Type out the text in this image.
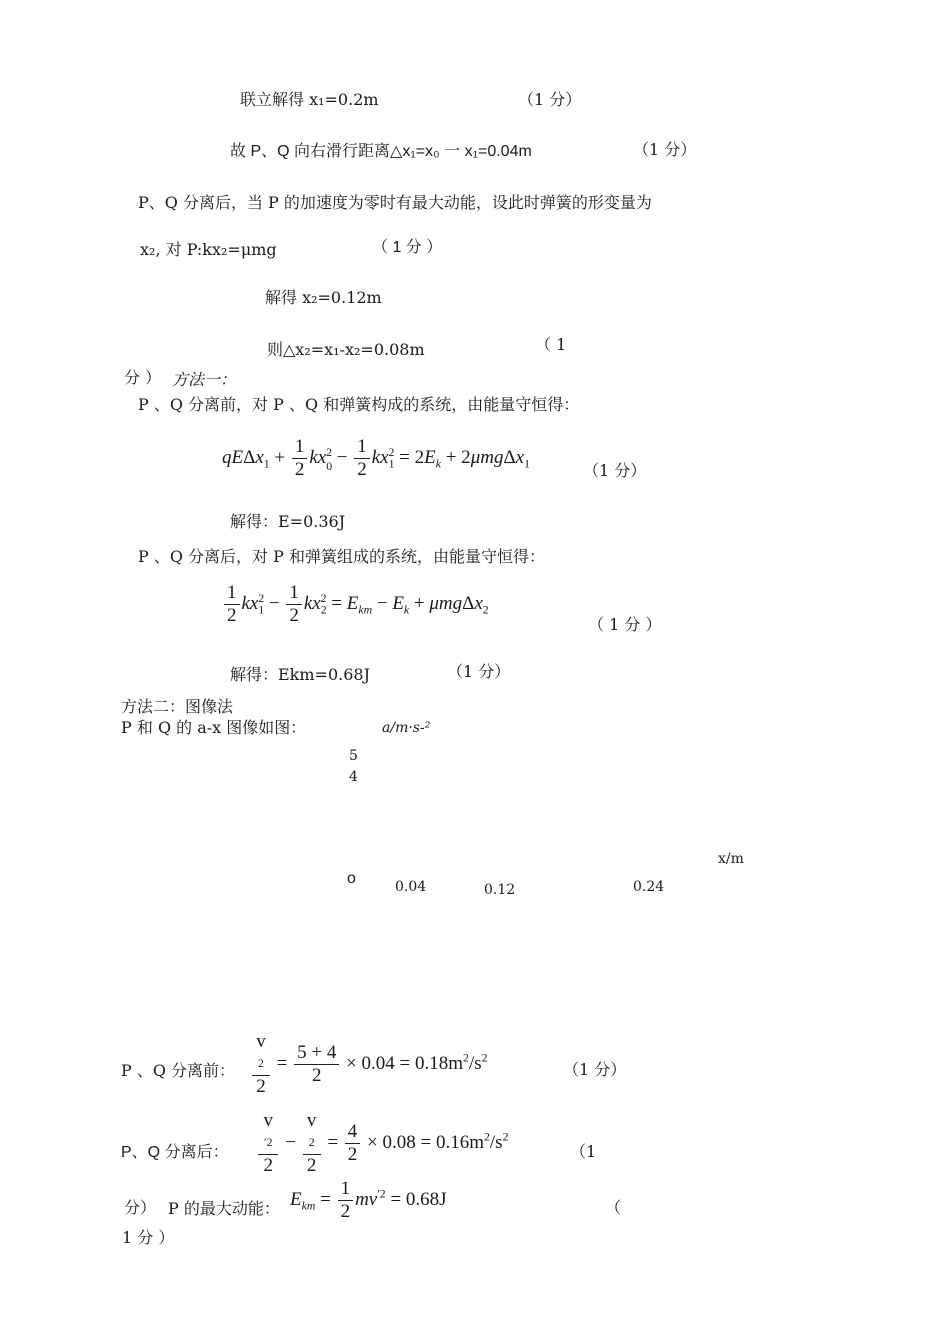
联立解得 x₁=0.2m	（1 分）
故 P、Q 向右滑行距离△x₁=x₀ 一 x₁=0.04m	（1 分）
P、Q 分离后，当 P 的加速度为零时有最大动能，设此时弹簧的形变量为
x₂, 对 P:kx₂=μmg	（ 1 分 ）
解得 x₂=0.12m
则△x₂=x₁-x₂=0.08m	（ 1
分 ） 方法一：
P 、Q 分离前，对 P 、Q 和弹簧构成的系统，由能量守恒得：
$qE\Delta x_1 + \frac{1}{2} kx_0^2 - \frac{1}{2} kx_1^2 = 2E_k + 2\mu mg\Delta x_1$	（1 分）
解得：E=0.36J
P 、Q 分离后，对 P 和弹簧组成的系统，由能量守恒得：
$\frac{1}{2} kx_1^2 - \frac{1}{2} kx_2^2 = E_{km} - E_k + \mu mg\Delta x_2$
（ 1 分 ）
解得：Ekm=0.68J	（1 分）
方法二：图像法
P 和 Q 的 a-x 图像如图：	a/m·s-²
5
4
x/m
o	0.04	0.12	0.24
v
2
$2 = \frac{5 + 4}{2} \times 0.04 = 0.18m^2/s^2$
P 、Q 分离前：	（1 分）
v
′2
2 − v
2
$2 = \frac{4}{2} \times 0.08 = 0.16m^2/s^2$
P、Q 分离后：	（1
$E_{km} = \frac{1}{2} mv^{'2} = 0.68J$
分） P 的最大动能：	（
1 分 ）
